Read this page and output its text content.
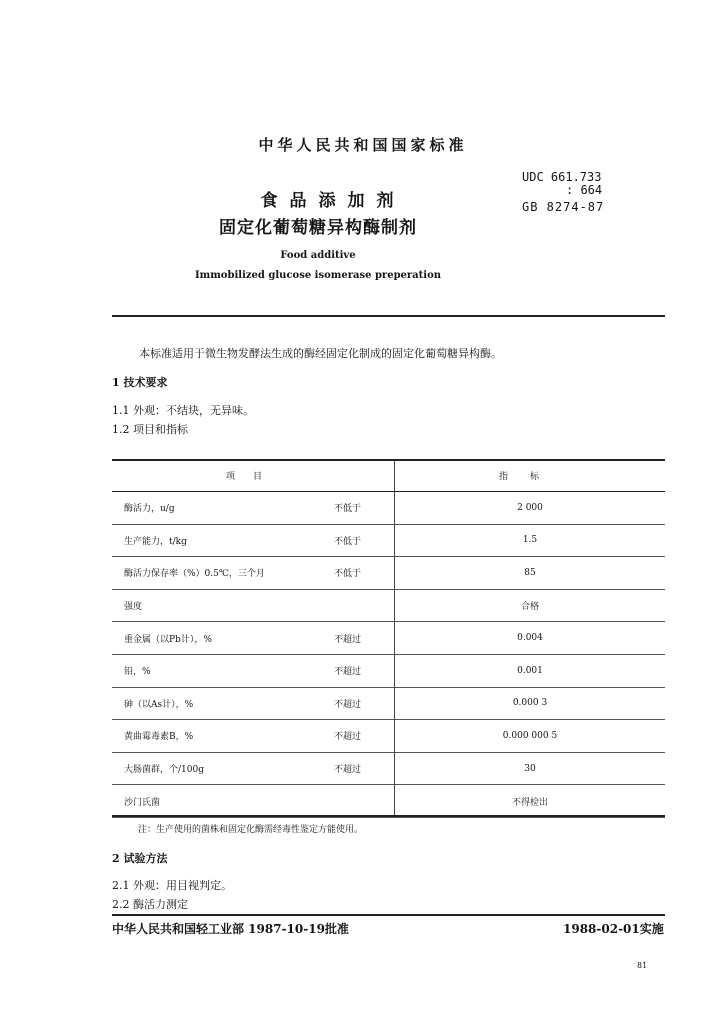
中华人民共和国国家标准
UDC 661.733
: 664
GB 8274-87
食品添加剂
固定化葡萄糖异构酶制剂
Food additive
Immobilized glucose isomerase preperation
本标准适用于微生物发酵法生成的酶经固定化制成的固定化葡萄糖异构酶。
1 技术要求
1.1 外观：不结块，无异味。
1.2 项目和指标
项目		指标
酶活力，u/g	不低于	2 000
生产能力，t/kg	不低于	1.5
酶活力保存率（%）0.5℃，三个月	不低于	85
强度		合格
重金属（以Pb计），%	不超过	0.004
铅，%	不超过	0.001
砷（以As计），%	不超过	0.000 3
黄曲霉毒素B，%	不超过	0.000 000 5
大肠菌群，个/100g	不超过	30
沙门氏菌		不得检出
注：生产使用的菌株和固定化酶需经毒性鉴定方能使用。
2 试验方法
2.1 外观：用目视判定。
2.2 酶活力测定
中华人民共和国轻工业部 1987-10-19批准	1988-02-01实施
81
